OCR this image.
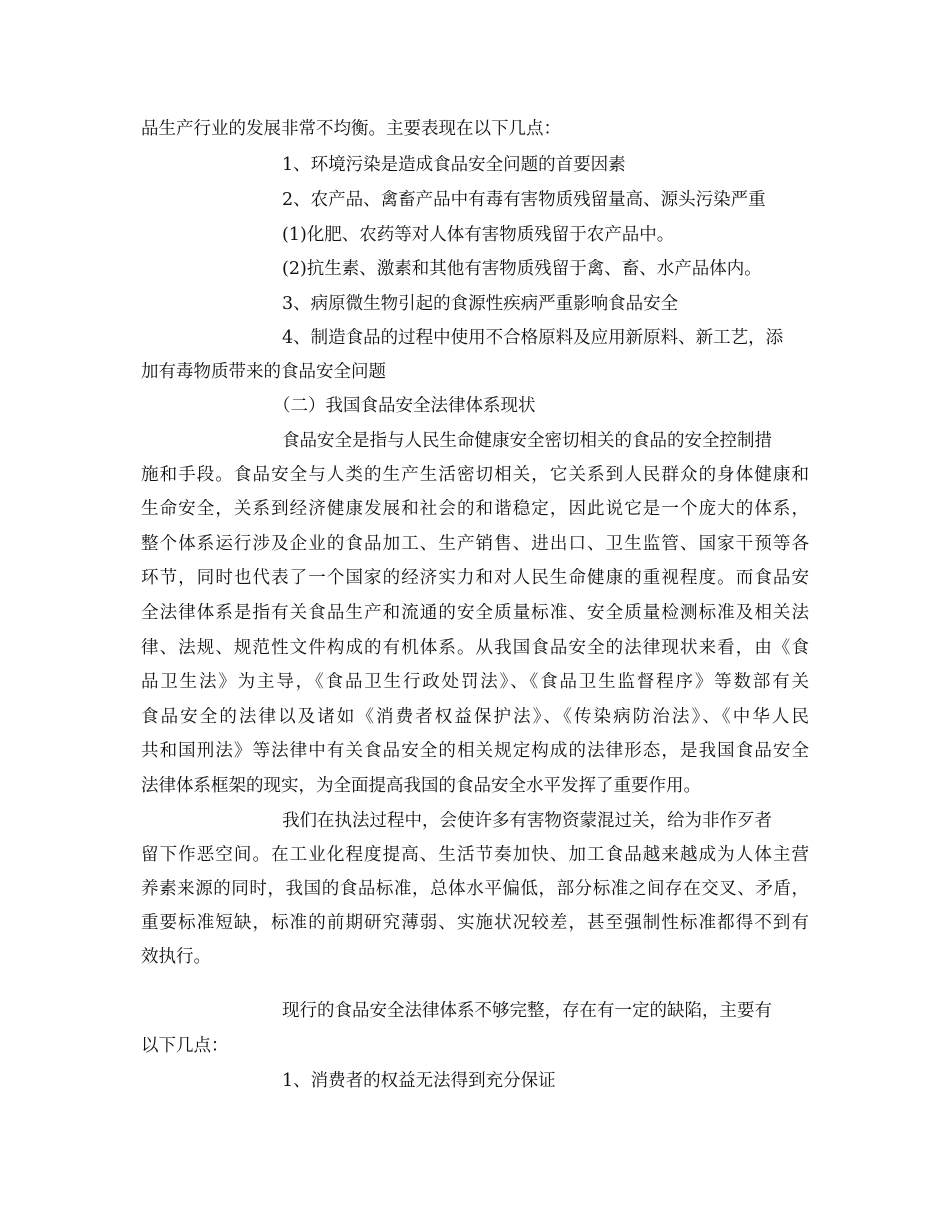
品生产行业的发展非常不均衡。主要表现在以下几点：
1、环境污染是造成食品安全问题的首要因素
2、农产品、禽畜产品中有毒有害物质残留量高、源头污染严重
(1)化肥、农药等对人体有害物质残留于农产品中。
(2)抗生素、激素和其他有害物质残留于禽、畜、水产品体内。
3、病原微生物引起的食源性疾病严重影响食品安全
4、制造食品的过程中使用不合格原料及应用新原料、新工艺，添
加有毒物质带来的食品安全问题
（二）我国食品安全法律体系现状
食品安全是指与人民生命健康安全密切相关的食品的安全控制措
施和手段。食品安全与人类的生产生活密切相关，它关系到人民群众的身体健康和
生命安全，关系到经济健康发展和社会的和谐稳定，因此说它是一个庞大的体系，
整个体系运行涉及企业的食品加工、生产销售、进出口、卫生监管、国家干预等各
环节，同时也代表了一个国家的经济实力和对人民生命健康的重视程度。而食品安
全法律体系是指有关食品生产和流通的安全质量标准、安全质量检测标准及相关法
律、法规、规范性文件构成的有机体系。从我国食品安全的法律现状来看，由《食
品卫生法》为主导，《食品卫生行政处罚法》、《食品卫生监督程序》等数部有关
食品安全的法律以及诸如《消费者权益保护法》、《传染病防治法》、《中华人民
共和国刑法》等法律中有关食品安全的相关规定构成的法律形态，是我国食品安全
法律体系框架的现实，为全面提高我国的食品安全水平发挥了重要作用。
我们在执法过程中，会使许多有害物资蒙混过关，给为非作歹者
留下作恶空间。在工业化程度提高、生活节奏加快、加工食品越来越成为人体主营
养素来源的同时，我国的食品标准，总体水平偏低，部分标准之间存在交叉、矛盾，
重要标准短缺，标准的前期研究薄弱、实施状况较差，甚至强制性标准都得不到有
效执行。
现行的食品安全法律体系不够完整，存在有一定的缺陷，主要有
以下几点：
1、消费者的权益无法得到充分保证
